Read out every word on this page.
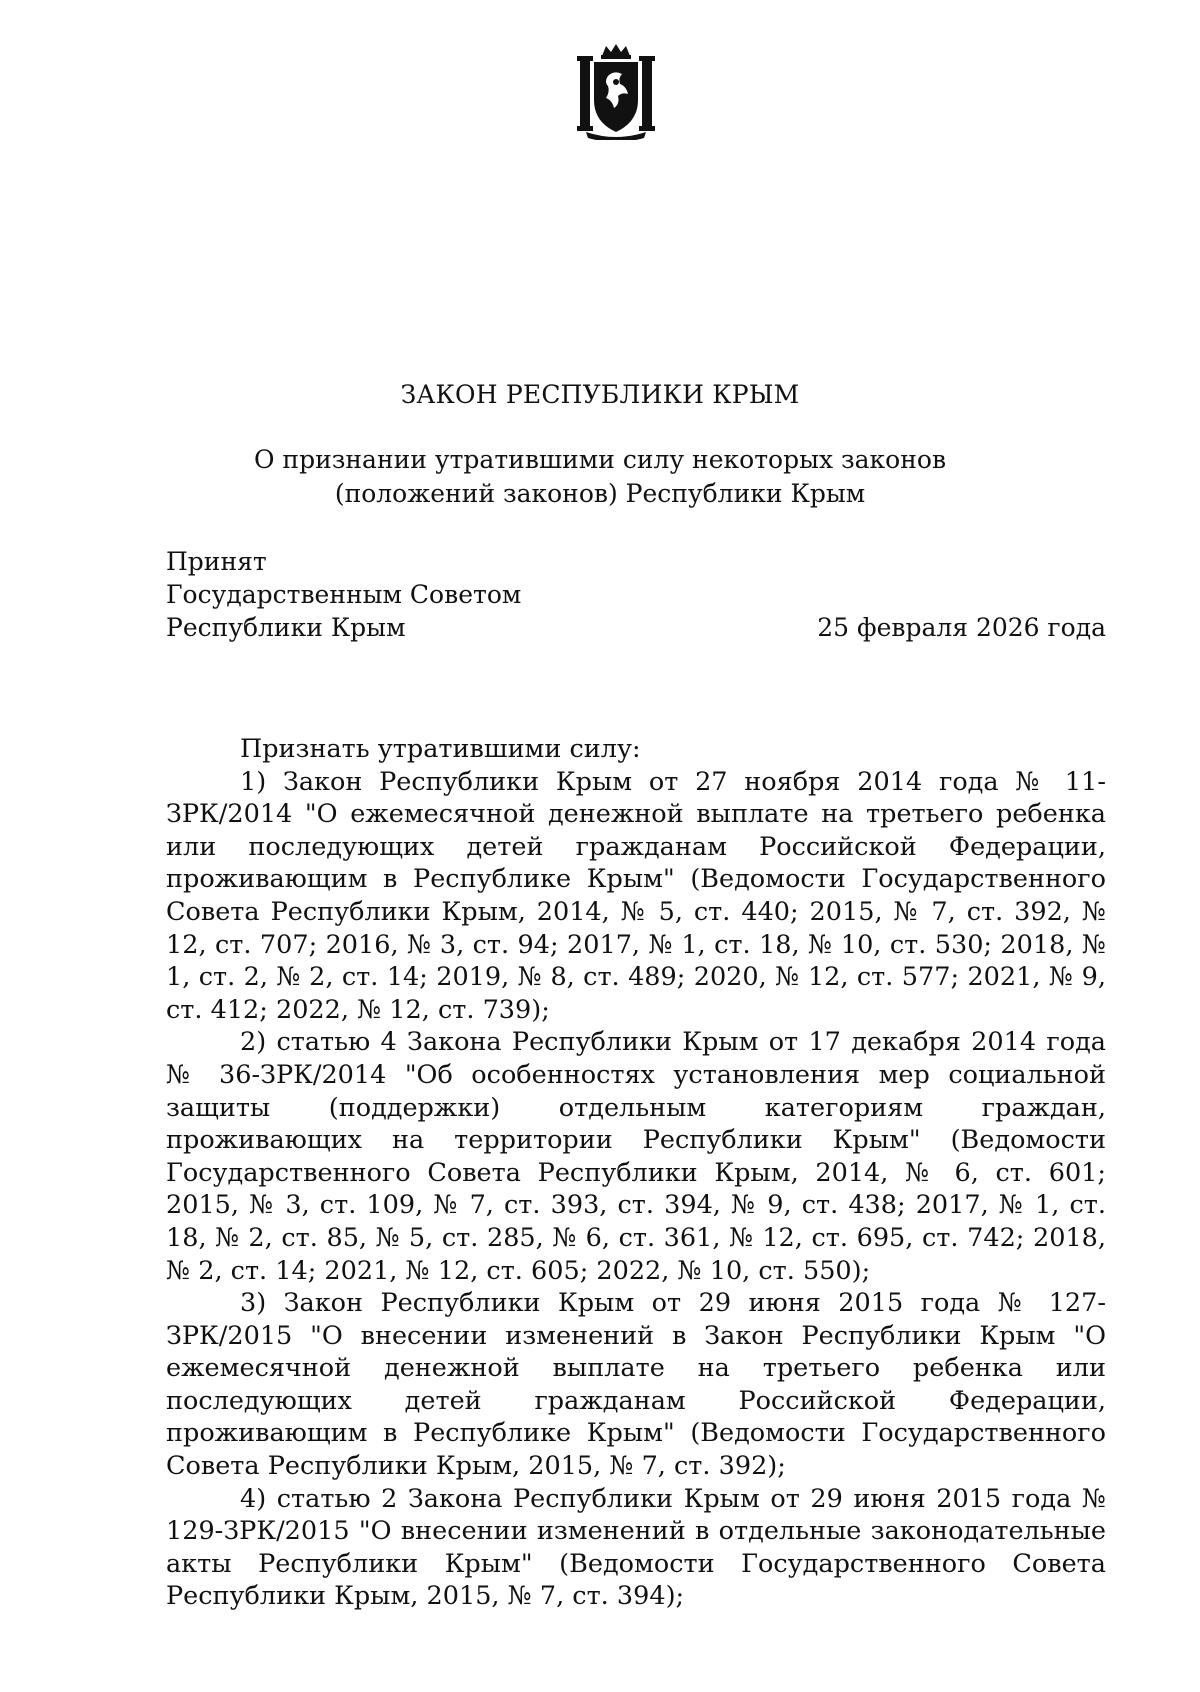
ЗАКОН РЕСПУБЛИКИ КРЫМ
О признании утратившими силу некоторых законов
(положений законов) Республики Крым
Принят
Государственным Советом
Республики Крым	25 февраля 2026 года
Признать утратившими силу:

1) Закон Республики Крым от 27 ноября 2014 года № 11-ЗРК/2014 "О ежемесячной денежной выплате на третьего ребенка или последующих детей гражданам Российской Федерации, проживающим в Республике Крым" (Ведомости Государственного Совета Республики Крым, 2014, № 5, ст. 440; 2015, № 7, ст. 392, № 12, ст. 707; 2016, № 3, ст. 94; 2017, № 1, ст. 18, № 10, ст. 530; 2018, № 1, ст. 2, № 2, ст. 14; 2019, № 8, ст. 489; 2020, № 12, ст. 577; 2021, № 9, ст. 412; 2022, № 12, ст. 739);

2) статью 4 Закона Республики Крым от 17 декабря 2014 года № 36-ЗРК/2014 "Об особенностях установления мер социальной защиты (поддержки) отдельным категориям граждан, проживающих на территории Республики Крым" (Ведомости Государственного Совета Республики Крым, 2014, № 6, ст. 601; 2015, № 3, ст. 109, № 7, ст. 393, ст. 394, № 9, ст. 438; 2017, № 1, ст. 18, № 2, ст. 85, № 5, ст. 285, № 6, ст. 361, № 12, ст. 695, ст. 742; 2018, № 2, ст. 14; 2021, № 12, ст. 605; 2022, № 10, ст. 550);

3) Закон Республики Крым от 29 июня 2015 года № 127-ЗРК/2015 "О внесении изменений в Закон Республики Крым "О ежемесячной денежной выплате на третьего ребенка или последующих детей гражданам Российской Федерации, проживающим в Республике Крым" (Ведомости Государственного Совета Республики Крым, 2015, № 7, ст. 392);

4) статью 2 Закона Республики Крым от 29 июня 2015 года № 129-ЗРК/2015 "О внесении изменений в отдельные законодательные акты Республики Крым" (Ведомости Государственного Совета Республики Крым, 2015, № 7, ст. 394);
